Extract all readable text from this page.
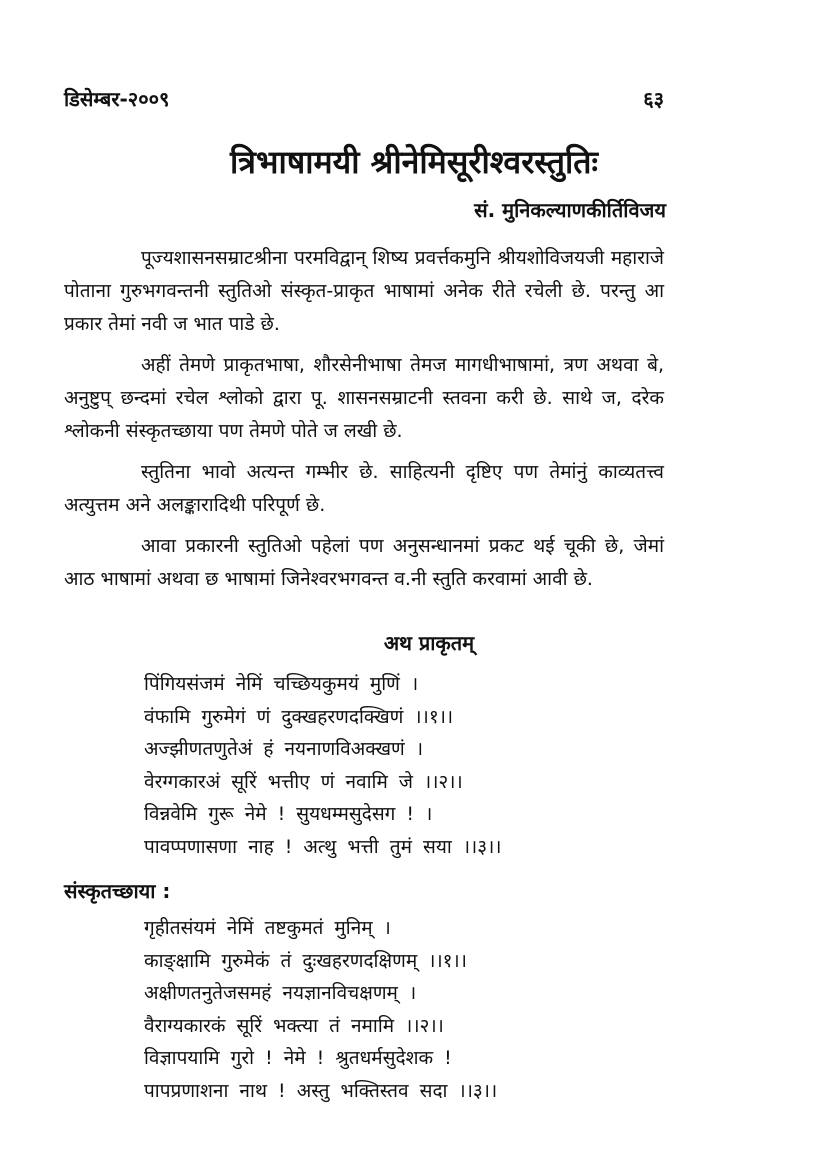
डिसेम्बर-२००९	६३
त्रिभाषामयी श्रीनेमिसूरीश्वरस्तुतिः
सं. मुनिकल्याणकीर्तिविजय

पूज्यशासनसम्राटश्रीना परमविद्वान् शिष्य प्रवर्त्तकमुनि श्रीयशोविजयजी महाराजे पोताना गुरुभगवन्तनी स्तुतिओ संस्कृत-प्राकृत भाषामां अनेक रीते रचेली छे. परन्तु आ प्रकार तेमां नवी ज भात पाडे छे.

अहीं तेमणे प्राकृतभाषा, शौरसेनीभाषा तेमज मागधीभाषामां, त्रण अथवा बे, अनुष्टुप् छन्दमां रचेल श्लोको द्वारा पू. शासनसम्राटनी स्तवना करी छे. साथे ज, दरेक श्लोकनी संस्कृतच्छाया पण तेमणे पोते ज लखी छे.

स्तुतिना भावो अत्यन्त गम्भीर छे. साहित्यनी दृष्टिए पण तेमांनुं काव्यतत्त्व अत्युत्तम अने अलङ्कारादिथी परिपूर्ण छे.

आवा प्रकारनी स्तुतिओ पहेलां पण अनुसन्धानमां प्रकट थई चूकी छे, जेमां आठ भाषामां अथवा छ भाषामां जिनेश्वरभगवन्त व.नी स्तुति करवामां आवी छे.

अथ प्राकृतम्
पिंगियसंजमं नेमिं चच्छियकुमयं मुणिं ।
वंफामि गुरुमेगं णं दुक्खहरणदक्खिणं ।।१।।
अज्झीणतणुतेअं हं नयनाणविअक्खणं ।
वेरग्गकारअं सूरिं भत्तीए णं नवामि जे ।।२।।
विन्नवेमि गुरू नेमे ! सुयधम्मसुदेसग ! ।
पावप्पणासणा नाह ! अत्थु भत्ती तुमं सया ।।३।।
संस्कृतच्छाया :
गृहीतसंयमं नेमिं तष्टकुमतं मुनिम् ।
काङ्क्षामि गुरुमेकं तं दुःखहरणदक्षिणम् ।।१।।
अक्षीणतनुतेजसमहं नयज्ञानविचक्षणम् ।
वैराग्यकारकं सूरिं भक्त्या तं नमामि ।।२।।
विज्ञापयामि गुरो ! नेमे ! श्रुतधर्मसुदेशक !
पापप्रणाशना नाथ ! अस्तु भक्तिस्तव सदा ।।३।।
